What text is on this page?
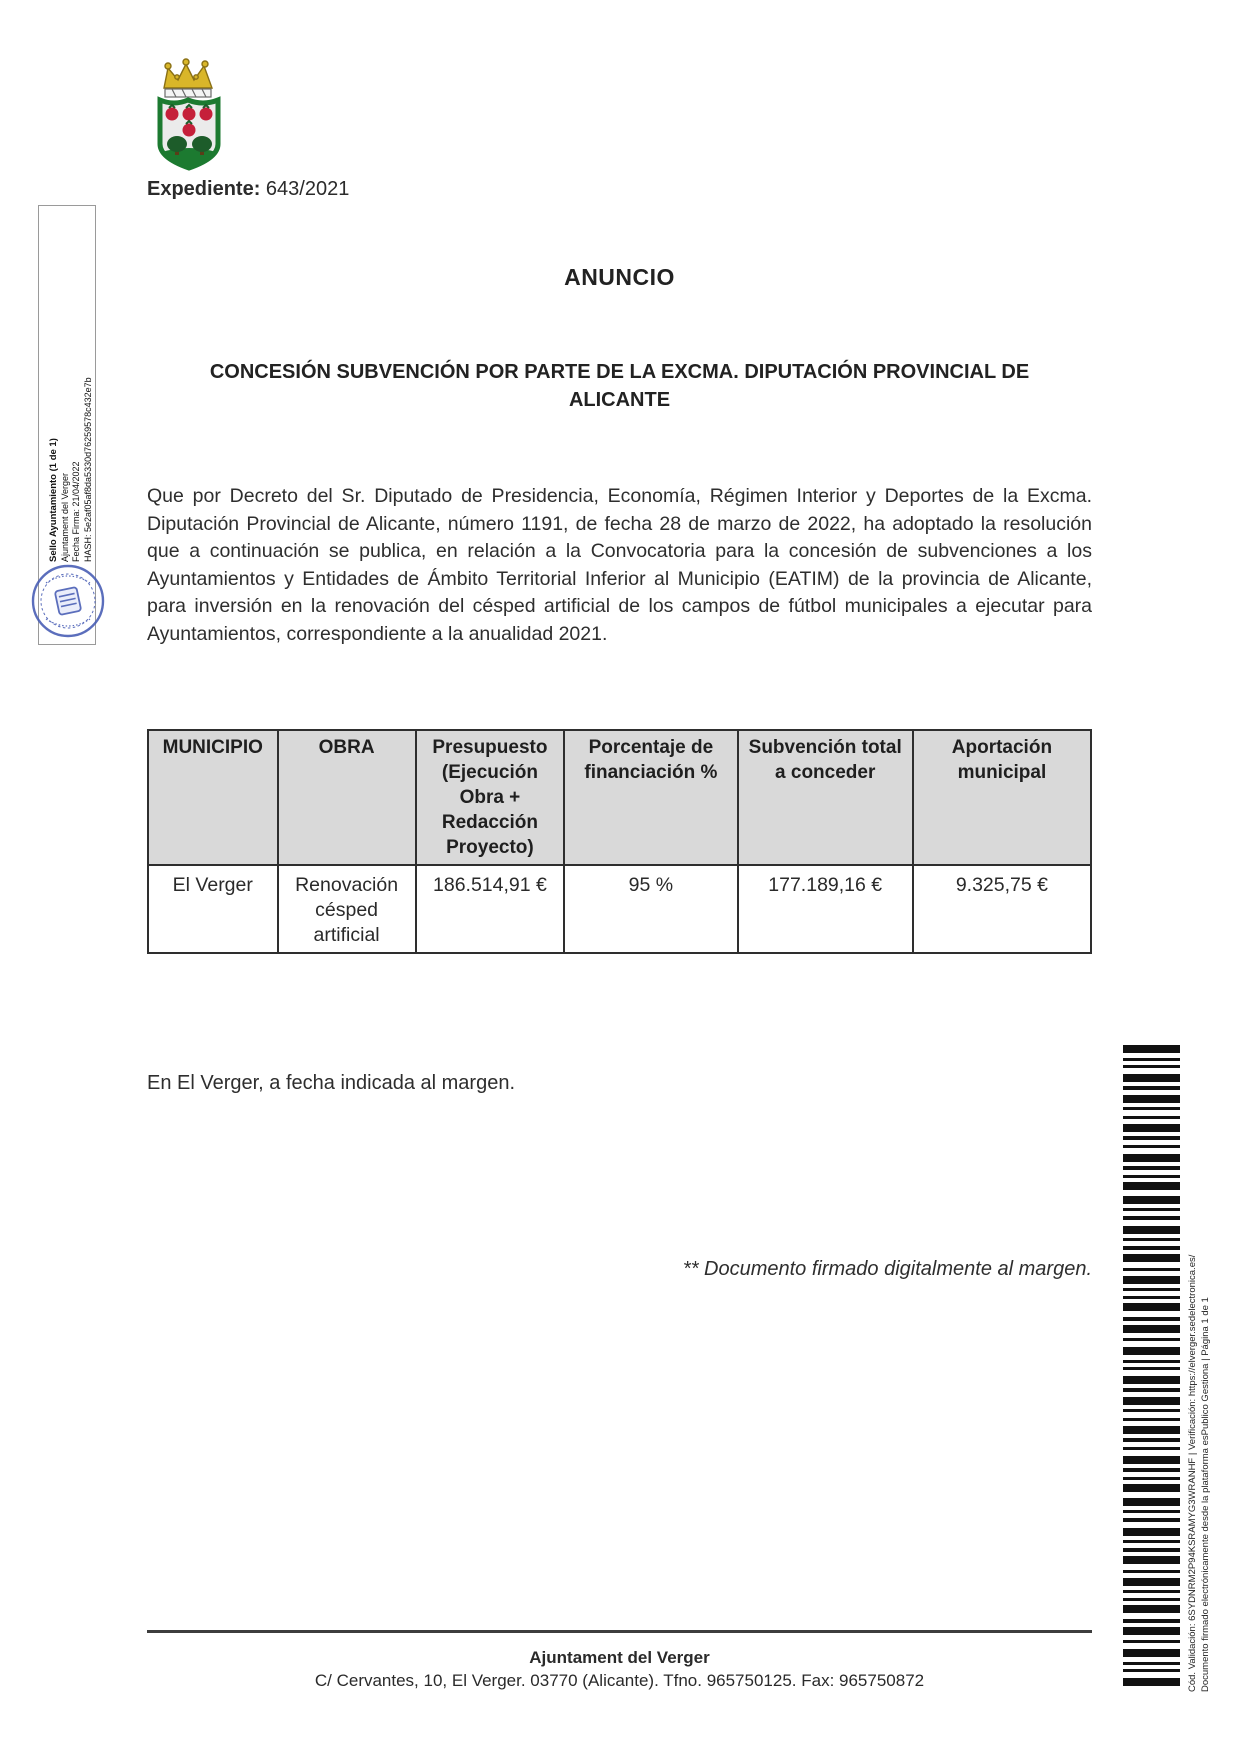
Expediente: 643/2021
Sello Ayuntamiento (1 de 1) Ajuntament del Verger Fecha Firma: 21/04/2022 HASH: 5e2af05af8da5330d76259578c432e7b
ANUNCIO
CONCESIÓN SUBVENCIÓN POR PARTE DE LA EXCMA. DIPUTACIÓN PROVINCIAL DE ALICANTE
Que por Decreto del Sr. Diputado de Presidencia, Economía, Régimen Interior y Deportes de la Excma. Diputación Provincial de Alicante, número 1191, de fecha 28 de marzo de 2022, ha adoptado la resolución que a continuación se publica, en relación a la Convocatoria para la concesión de subvenciones a los Ayuntamientos y Entidades de Ámbito Territorial Inferior al Municipio (EATIM) de la provincia de Alicante, para inversión en la renovación del césped artificial de los campos de fútbol municipales a ejecutar para Ayuntamientos, correspondiente a la anualidad 2021.
MUNICIPIO	OBRA	Presupuesto (Ejecución Obra + Redacción Proyecto)	Porcentaje de financiación %	Subvención total a conceder	Aportación municipal
El Verger	Renovación césped artificial	186.514,91 €	95 %	177.189,16 €	9.325,75 €
En El Verger, a fecha indicada al margen.
** Documento firmado digitalmente al margen.	Cód. Validación: 6SYDNRM2P94KSRAMYG3WRANHF | Verificación: https://elverger.sedelectronica.es/ Documento firmado electrónicamente desde la plataforma esPublico Gestiona | Página 1 de 1
Ajuntament del Verger
C/ Cervantes, 10, El Verger. 03770 (Alicante). Tfno. 965750125. Fax: 965750872
